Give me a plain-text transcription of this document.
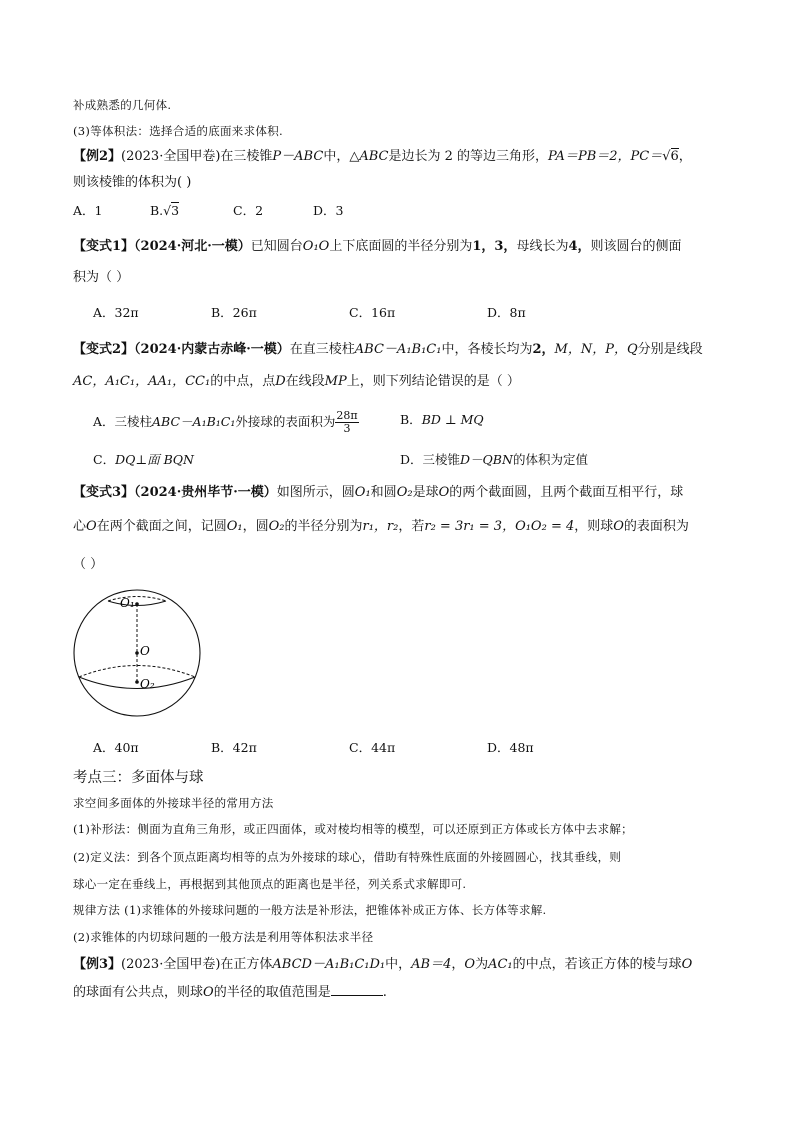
补成熟悉的几何体.
(3)等体积法：选择合适的底面来求体积.
【例2】(2023·全国甲卷)在三棱锥P－ABC中，△ABC是边长为 2 的等边三角形，PA＝PB＝2，PC＝√6，
则该棱锥的体积为( )
A．1	B.√3	C．2	D．3
【变式1】（2024·河北·一模）已知圆台O₁O上下底面圆的半径分别为1，3，母线长为4，则该圆台的侧面
积为（ ）
A．32π	B．26π	C．16π	D．8π
【变式2】（2024·内蒙古赤峰·一模）在直三棱柱ABC－A₁B₁C₁中，各棱长均为2，M，N，P，Q分别是线段
AC，A₁C₁，AA₁，CC₁的中点，点D在线段MP上，则下列结论错误的是（ ）
A．三棱柱ABC－A₁B₁C₁外接球的表面积为 $\frac{28\pi}{3}$	B．BD ⊥ MQ
C．DQ⊥面 BQN	D．三棱锥D－QBN的体积为定值
【变式3】（2024·贵州毕节·一模）如图所示，圆O₁和圆O₂是球O的两个截面圆，且两个截面互相平行，球
心O在两个截面之间，记圆O₁，圆O₂的半径分别为r₁，r₂，若r₂ = 3r₁ = 3，O₁O₂ = 4，则球O的表面积为
（ ）
O₁
O
O₂
A．40π	B．42π	C．44π	D．48π
考点三：多面体与球
求空间多面体的外接球半径的常用方法
(1)补形法：侧面为直角三角形，或正四面体，或对棱均相等的模型，可以还原到正方体或长方体中去求解；
(2)定义法：到各个顶点距离均相等的点为外接球的球心，借助有特殊性底面的外接圆圆心，找其垂线，则
球心一定在垂线上，再根据到其他顶点的距离也是半径，列关系式求解即可.
规律方法 (1)求锥体的外接球问题的一般方法是补形法，把锥体补成正方体、长方体等求解.
(2)求锥体的内切球问题的一般方法是利用等体积法求半径
【例3】(2023·全国甲卷)在正方体ABCD－A₁B₁C₁D₁中，AB＝4，O为AC₁的中点，若该正方体的棱与球O
的球面有公共点，则球O的半径的取值范围是	.
